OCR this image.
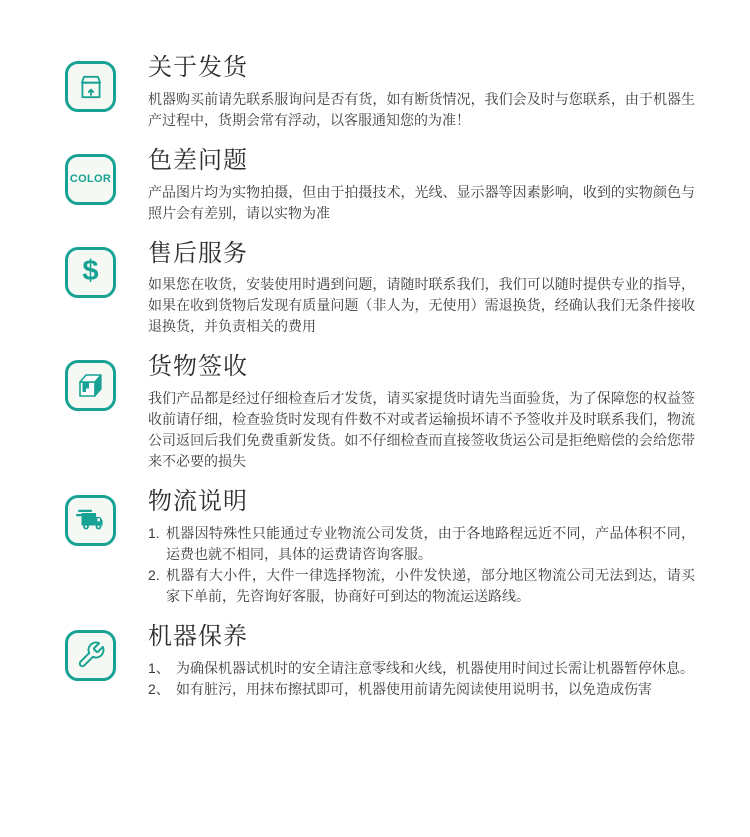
关于发货

机器购买前请先联系服询问是否有货，如有断货情况，我们会及时与您联系，由于机器生产过程中，货期会常有浮动，以客服通知您的为准！

COLOR
色差问题

产品图片均为实物拍摄，但由于拍摄技术，光线、显示器等因素影响，收到的实物颜色与照片会有差别，请以实物为准

$
售后服务

如果您在收货，安装使用时遇到问题，请随时联系我们，我们可以随时提供专业的指导，如果在收到货物后发现有质量问题（非人为，无使用）需退换货，经确认我们无条件接收退换货，并负责相关的费用

货物签收

我们产品都是经过仔细检查后才发货，请买家提货时请先当面验货，为了保障您的权益签收前请仔细，检查验货时发现有件数不对或者运输损坏请不予签收并及时联系我们，物流公司返回后我们免费重新发货。如不仔细检查而直接签收货运公司是拒绝赔偿的会给您带来不必要的损失

物流说明
1. 机器因特殊性只能通过专业物流公司发货，由于各地路程远近不同，产品体积不同，运费也就不相同，具体的运费请咨询客服。
2. 机器有大小件，大件一律选择物流，小件发快递，部分地区物流公司无法到达，请买家下单前，先咨询好客服，协商好可到达的物流运送路线。
机器保养
1、 为确保机器试机时的安全请注意零线和火线，机器使用时间过长需让机器暂停休息。
2、 如有脏污，用抹布擦拭即可，机器使用前请先阅读使用说明书，以免造成伤害
